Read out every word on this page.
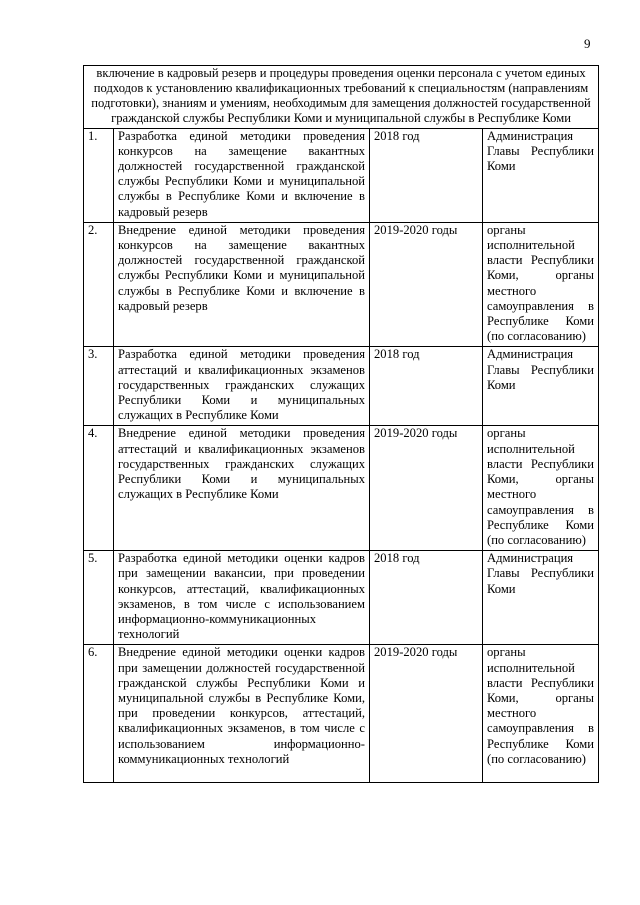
9
включение в кадровый резерв и процедуры проведения оценки персонала с учетом единых подходов к установлению квалификационных требований к специальностям (направлениям подготовки), знаниям и умениям, необходимым для замещения должностей государственной гражданской службы Республики Коми и муниципальной службы в Республике Коми			
1.	Разработка единой методики проведения конкурсов на замещение вакантных должностей государственной гражданской службы Республики Коми и муниципальной службы в Республике Коми и включение в кадровый резерв	2018 год	Администрация Главы Республики Коми
2.	Внедрение единой методики проведения конкурсов на замещение вакантных должностей государственной гражданской службы Республики Коми и муниципальной службы в Республике Коми и включение в кадровый резерв	2019-2020 годы	органы исполнительной власти Республики Коми, органы местного самоуправления в Республике Коми (по согласованию)
3.	Разработка единой методики проведения аттестаций и квалификационных экзаменов государственных гражданских служащих Республики Коми и муниципальных служащих в Республике Коми	2018 год	Администрация Главы Республики Коми
4.	Внедрение единой методики проведения аттестаций и квалификационных экзаменов государственных гражданских служащих Республики Коми и муниципальных служащих в Республике Коми	2019-2020 годы	органы исполнительной власти Республики Коми, органы местного самоуправления в Республике Коми (по согласованию)
5.	Разработка единой методики оценки кадров при замещении вакансии, при проведении конкурсов, аттестаций, квалификационных экзаменов, в том числе с использованием информационно-коммуникационных технологий	2018 год	Администрация Главы Республики Коми
6.	Внедрение единой методики оценки кадров при замещении должностей государственной гражданской службы Республики Коми и муниципальной службы в Республике Коми, при проведении конкурсов, аттестаций, квалификационных экзаменов, в том числе с использованием информационно-коммуникационных технологий	2019-2020 годы	органы исполнительной власти Республики Коми, органы местного самоуправления в Республике Коми (по согласованию)
